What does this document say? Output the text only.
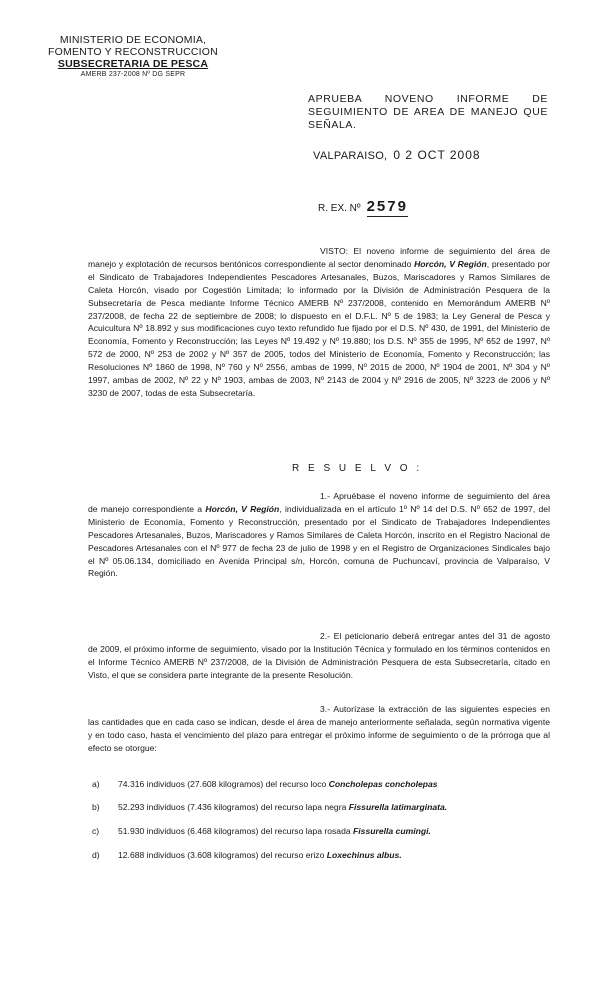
MINISTERIO DE ECONOMIA,
FOMENTO Y RECONSTRUCCION
SUBSECRETARIA DE PESCA
AMERB 237-2008 Nº DG SEPR
APRUEBA NOVENO INFORME DE SEGUIMIENTO DE AREA DE MANEJO QUE SEÑALA.
VALPARAISO, 0 2 OCT 2008
R. EX. Nº 2579
VISTO: El noveno informe de seguimiento del área de manejo y explotación de recursos bentónicos correspondiente al sector denominado Horcón, V Región, presentado por el Sindicato de Trabajadores Independientes Pescadores Artesanales, Buzos, Mariscadores y Ramos Similares de Caleta Horcón, visado por Cogestión Limitada; lo informado por la División de Administración Pesquera de la Subsecretaría de Pesca mediante Informe Técnico AMERB Nº 237/2008, contenido en Memorándum AMERB Nº 237/2008, de fecha 22 de septiembre de 2008; lo dispuesto en el D.F.L. Nº 5 de 1983; la Ley General de Pesca y Acuicultura Nº 18.892 y sus modificaciones cuyo texto refundido fue fijado por el D.S. Nº 430, de 1991, del Ministerio de Economía, Fomento y Reconstrucción; las Leyes Nº 19.492 y Nº 19.880; los D.S. Nº 355 de 1995, Nº 652 de 1997, Nº 572 de 2000, Nº 253 de 2002 y Nº 357 de 2005, todos del Ministerio de Economía, Fomento y Reconstrucción; las Resoluciones Nº 1860 de 1998, Nº 760 y Nº 2556, ambas de 1999, Nº 2015 de 2000, Nº 1904 de 2001, Nº 304 y Nº 1997, ambas de 2002, Nº 22 y Nº 1903, ambas de 2003, Nº 2143 de 2004 y Nº 2916 de 2005, Nº 3223 de 2006 y Nº 3230 de 2007, todas de esta Subsecretaría.
R E S U E L V O :
1.- Apruébase el noveno informe de seguimiento del área de manejo correspondiente a Horcón, V Región, individualizada en el artículo 1º Nº 14 del D.S. Nº 652 de 1997, del Ministerio de Economía, Fomento y Reconstrucción, presentado por el Sindicato de Trabajadores Independientes Pescadores Artesanales, Buzos, Mariscadores y Ramos Similares de Caleta Horcón, inscrito en el Registro Nacional de Pescadores Artesanales con el Nº 977 de fecha 23 de julio de 1998 y en el Registro de Organizaciones Sindicales bajo el Nº 05.06.134, domiciliado en Avenida Principal s/n, Horcón, comuna de Puchuncaví, provincia de Valparaíso, V Región.
2.- El peticionario deberá entregar antes del 31 de agosto de 2009, el próximo informe de seguimiento, visado por la Institución Técnica y formulado en los términos contenidos en el Informe Técnico AMERB Nº 237/2008, de la División de Administración Pesquera de esta Subsecretaría, citado en Visto, el que se considera parte integrante de la presente Resolución.
3.- Autorízase la extracción de las siguientes especies en las cantidades que en cada caso se indican, desde el área de manejo anteriormente señalada, según normativa vigente y en todo caso, hasta el vencimiento del plazo para entregar el próximo informe de seguimiento o de la prórroga que al efecto se otorgue:
a) 74.316 individuos (27.608 kilogramos) del recurso loco Concholepas concholepas
b) 52.293 individuos (7.436 kilogramos) del recurso lapa negra Fissurella latimarginata.
c) 51.930 individuos (6.468 kilogramos) del recurso lapa rosada Fissurella cumingi.
d) 12.688 individuos (3.608 kilogramos) del recurso erizo Loxechinus albus.
